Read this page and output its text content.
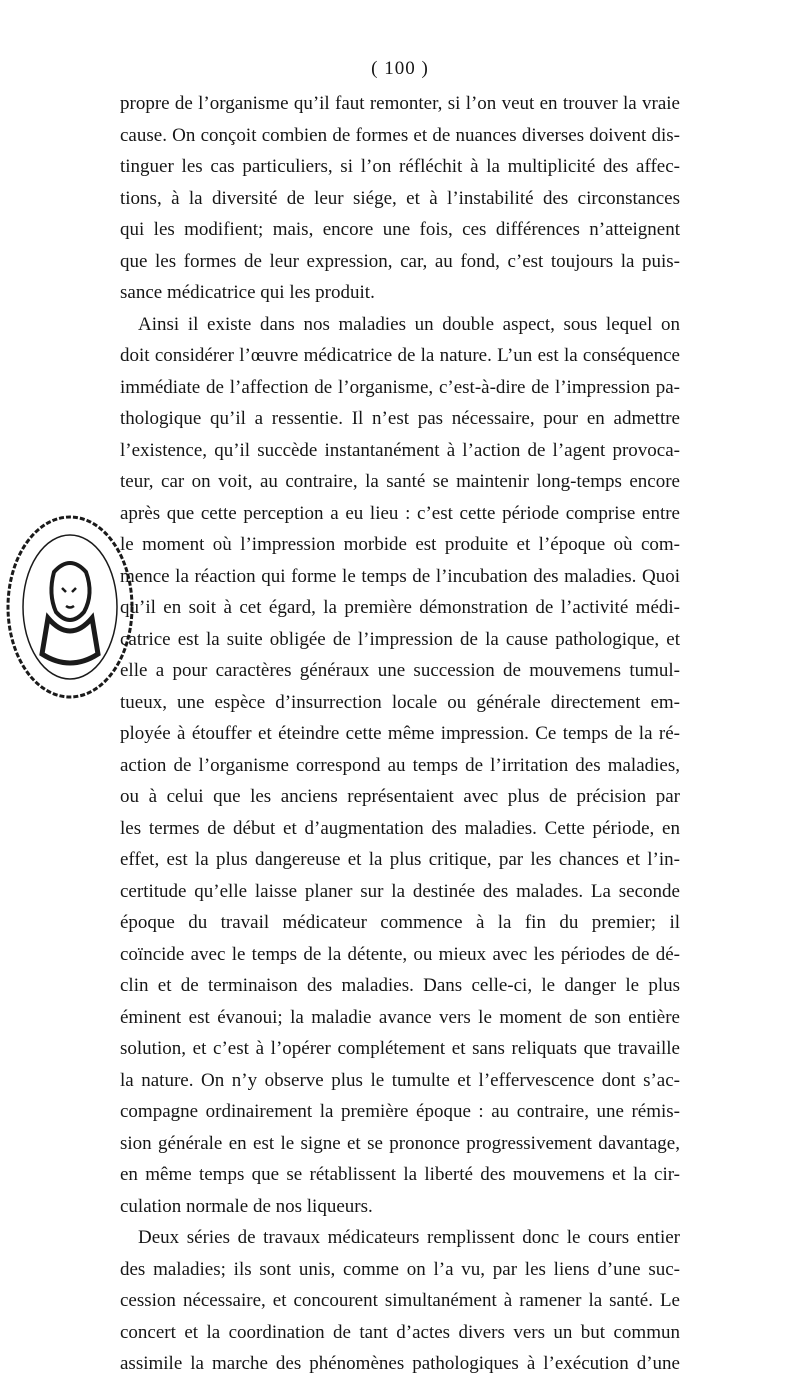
( 100 )
propre de l’organisme qu’il faut remonter, si l’on veut en trouver la vraie
cause. On conçoit combien de formes et de nuances diverses doivent dis-
tinguer les cas particuliers, si l’on réfléchit à la multiplicité des affec-
tions, à la diversité de leur siége, et à l’instabilité des circonstances
qui les modifient; mais, encore une fois, ces différences n’atteignent
que les formes de leur expression, car, au fond, c’est toujours la puis-
sance médicatrice qui les produit.
Ainsi il existe dans nos maladies un double aspect, sous lequel on
doit considérer l’œuvre médicatrice de la nature. L’un est la conséquence
immédiate de l’affection de l’organisme, c’est-à-dire de l’impression pa-
thologique qu’il a ressentie. Il n’est pas nécessaire, pour en admettre
l’existence, qu’il succède instantanément à l’action de l’agent provoca-
teur, car on voit, au contraire, la santé se maintenir long-temps encore
après que cette perception a eu lieu : c’est cette période comprise entre
le moment où l’impression morbide est produite et l’époque où com-
mence la réaction qui forme le temps de l’incubation des maladies. Quoi
qu’il en soit à cet égard, la première démonstration de l’activité médi-
catrice est la suite obligée de l’impression de la cause pathologique, et
elle a pour caractères généraux une succession de mouvemens tumul-
tueux, une espèce d’insurrection locale ou générale directement em-
ployée à étouffer et éteindre cette même impression. Ce temps de la ré-
action de l’organisme correspond au temps de l’irritation des maladies,
ou à celui que les anciens représentaient avec plus de précision par
les termes de début et d’augmentation des maladies. Cette période, en
effet, est la plus dangereuse et la plus critique, par les chances et l’in-
certitude qu’elle laisse planer sur la destinée des malades. La seconde
époque du travail médicateur commence à la fin du premier; il
coïncide avec le temps de la détente, ou mieux avec les périodes de dé-
clin et de terminaison des maladies. Dans celle-ci, le danger le plus
éminent est évanoui; la maladie avance vers le moment de son entière
solution, et c’est à l’opérer complétement et sans reliquats que travaille
la nature. On n’y observe plus le tumulte et l’effervescence dont s’ac-
compagne ordinairement la première époque : au contraire, une rémis-
sion générale en est le signe et se prononce progressivement davantage,
en même temps que se rétablissent la liberté des mouvemens et la cir-
culation normale de nos liqueurs.
Deux séries de travaux médicateurs remplissent donc le cours entier
des maladies; ils sont unis, comme on l’a vu, par les liens d’une suc-
cession nécessaire, et concourent simultanément à ramener la santé. Le
concert et la coordination de tant d’actes divers vers un but commun
assimile la marche des phénomènes pathologiques à l’exécution d’une
